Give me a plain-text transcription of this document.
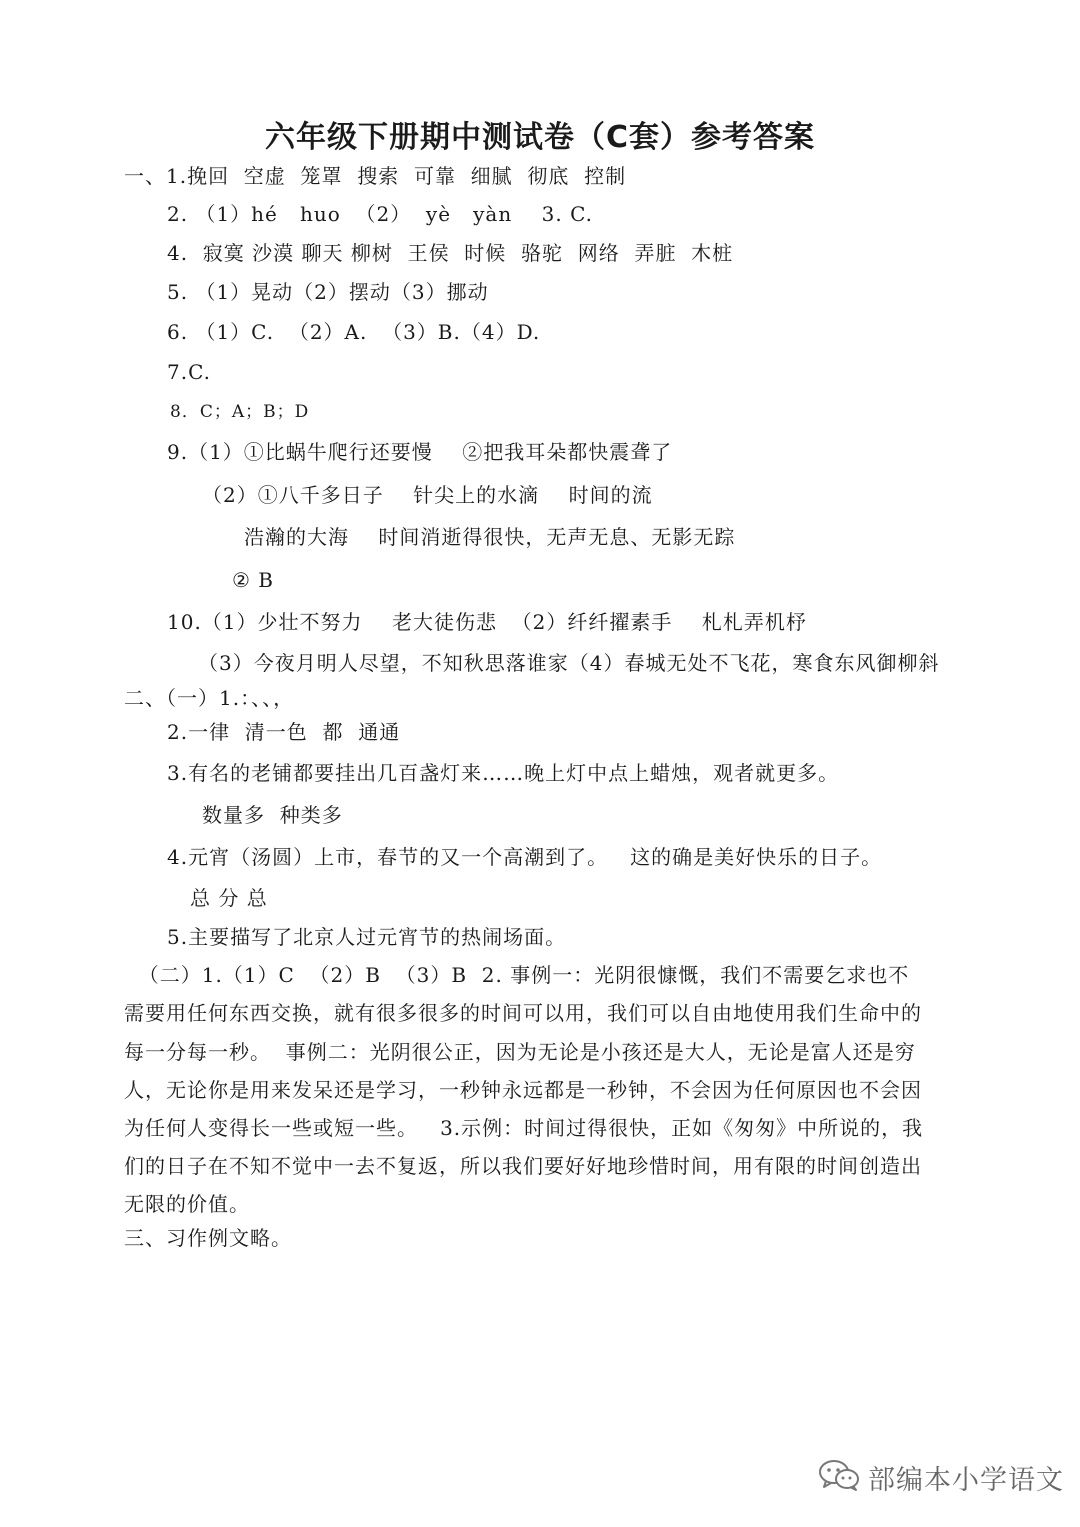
六年级下册期中测试卷（C套）参考答案
一、1.挽回  空虚  笼罩  搜索  可靠  细腻  彻底  控制
2. （1）hé   huo  （2）  yè   yàn    3. C.
4.  寂寞 沙漠 聊天 柳树  王侯  时候  骆驼  网络  弄脏  木桩
5. （1）晃动（2）摆动（3）挪动
6. （1）C.  （2）A.  （3）B.（4）D.
7.C.
8．C；A；B；D
9.（1）①比蜗牛爬行还要慢    ②把我耳朵都快震聋了
（2）①八千多日子    针尖上的水滴    时间的流
浩瀚的大海    时间消逝得很快，无声无息、无影无踪
② B
10.（1）少壮不努力    老大徒伤悲  （2）纤纤擢素手    札札弄机杼
（3）今夜月明人尽望，不知秋思落谁家（4）春城无处不飞花，寒食东风御柳斜
二、（一）1.：、、，
2.一律  清一色  都  通通
3.有名的老铺都要挂出几百盏灯来……晚上灯中点上蜡烛，观者就更多。
数量多  种类多
4.元宵（汤圆）上市，春节的又一个高潮到了。   这的确是美好快乐的日子。
总 分 总
5.主要描写了北京人过元宵节的热闹场面。
（二）1.（1）C  （2）B  （3）B  2. 事例一：光阴很慷慨，我们不需要乞求也不
需要用任何东西交换，就有很多很多的时间可以用，我们可以自由地使用我们生命中的
每一分每一秒。  事例二：光阴很公正，因为无论是小孩还是大人，无论是富人还是穷
人，无论你是用来发呆还是学习，一秒钟永远都是一秒钟，不会因为任何原因也不会因
为任何人变得长一些或短一些。   3.示例：时间过得很快，正如《匆匆》中所说的，我
们的日子在不知不觉中一去不复返，所以我们要好好地珍惜时间，用有限的时间创造出
无限的价值。
三、习作例文略。
部编本小学语文
